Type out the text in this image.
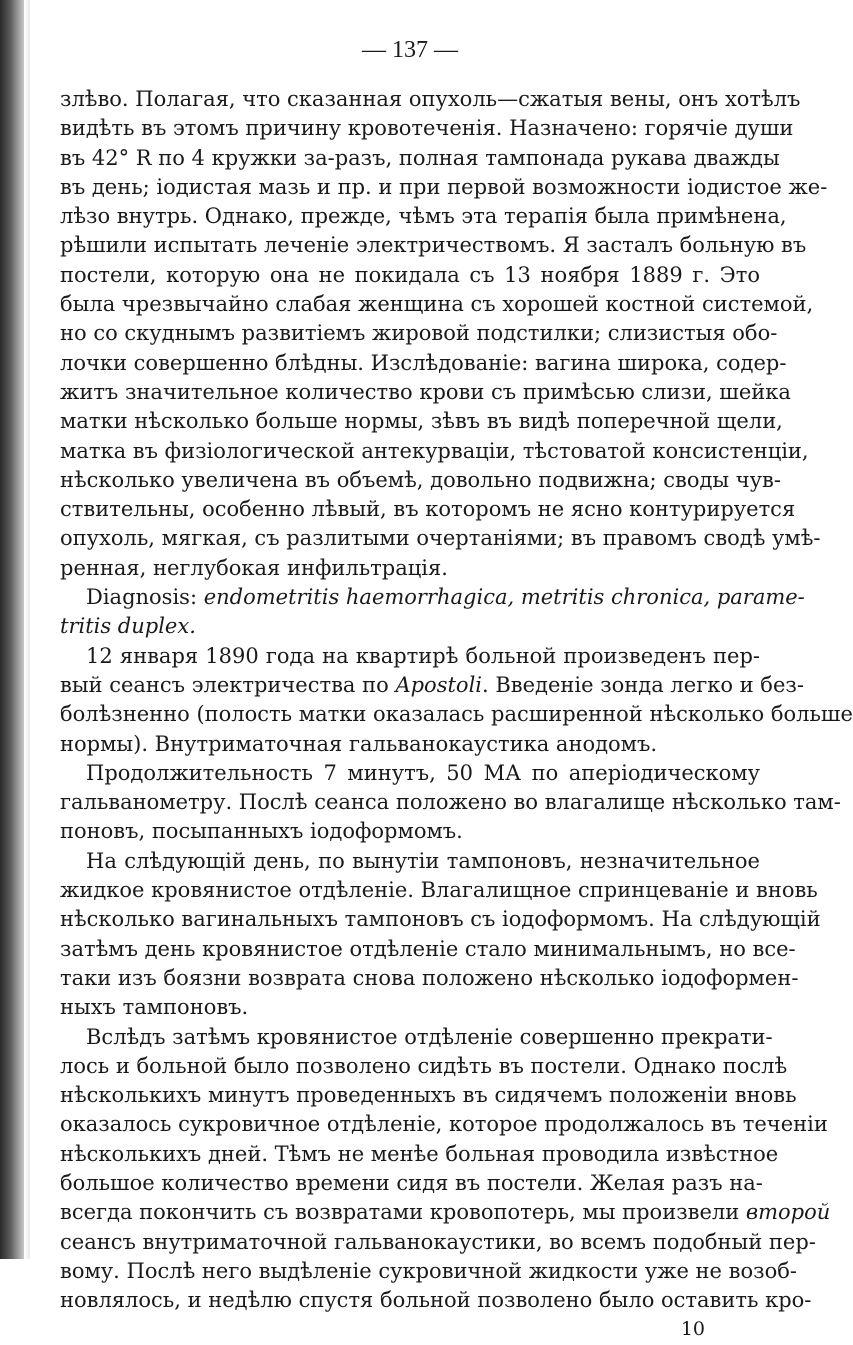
— 137 —
злѣво. Полагая, что сказанная опухоль—сжатыя вены, онъ хотѣлъ
видѣть въ этомъ причину кровотеченія. Назначено: горячіе души
въ 42° R по 4 кружки за-разъ, полная тампонада рукава дважды
въ день; іодистая мазь и пр. и при первой возможности іодистое же-
лѣзо внутрь. Однако, прежде, чѣмъ эта терапія была примѣнена,
рѣшили испытать леченіе электричествомъ. Я засталъ больную въ
постели, которую она не покидала съ 13 ноября 1889 г. Это
была чрезвычайно слабая женщина съ хорошей костной системой,
но со скуднымъ развитіемъ жировой подстилки; слизистыя обо-
лочки совершенно блѣдны. Изслѣдованіе: вагина широка, содер-
житъ значительное количество крови съ примѣсью слизи, шейка
матки нѣсколько больше нормы, зѣвъ въ видѣ поперечной щели,
матка въ физіологической антекурваціи, тѣстоватой консистенціи,
нѣсколько увеличена въ объемѣ, довольно подвижна; своды чув-
ствительны, особенно лѣвый, въ которомъ не ясно контурируется
опухоль, мягкая, съ разлитыми очертаніями; въ правомъ сводѣ умѣ-
ренная, неглубокая инфильтрація.
Diagnosis: endometritis haemorrhagica, metritis chronica, parame-
tritis duplex.
12 января 1890 года на квартирѣ больной произведенъ пер-
вый сеансъ электричества по Apostoli. Введеніе зонда легко и без-
болѣзненно (полость матки оказалась расширенной нѣсколько больше
нормы). Внутриматочная гальванокаустика анодомъ.
Продолжительность 7 минутъ, 50 МА по апеpіодическому
гальванометру. Послѣ сеанса положено во влагалище нѣсколько там-
поновъ, посыпанныхъ іодоформомъ.
На слѣдующій день, по вынутіи тампоновъ, незначительное
жидкое кровянистое отдѣленіе. Влагалищное спринцеваніе и вновь
нѣсколько вагинальныхъ тампоновъ съ іодоформомъ. На слѣдующій
затѣмъ день кровянистое отдѣленіе стало минимальнымъ, но все-
таки изъ боязни возврата снова положено нѣсколько іодоформен-
ныхъ тампоновъ.
Вслѣдъ затѣмъ кровянистое отдѣленіе совершенно прекрати-
лось и больной было позволено сидѣть въ постели. Однако послѣ
нѣсколькихъ минутъ проведенныхъ въ сидячемъ положеніи вновь
оказалось сукровичное отдѣленіе, которое продолжалось въ теченіи
нѣсколькихъ дней. Тѣмъ не менѣе больная проводила извѣстное
большое количество времени сидя въ постели. Желая разъ на-
всегда покончить съ возвратами кровопотерь, мы произвели второй
сеансъ внутриматочной гальванокаустики, во всемъ подобный пер-
вому. Послѣ него выдѣленіе сукровичной жидкости уже не возоб-
новлялось, и недѣлю спустя больной позволено было оставить кро-
10
